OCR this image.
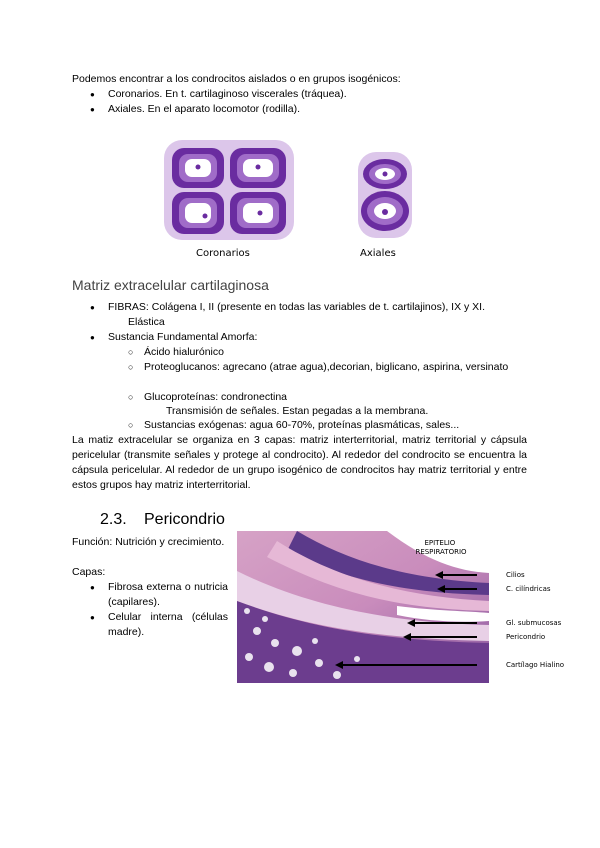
Podemos encontrar a los condrocitos aislados o en grupos isogénicos:
● Coronarios. En t. cartilaginoso viscerales (tráquea).
● Axiales. En el aparato locomotor (rodilla).
Coronarios	Axiales
Matriz extracelular cartilaginosa
● FIBRAS: Colágena I, II (presente en todas las variables de t. cartilajinos), IX y XI.
Elástica
● Sustancia Fundamental Amorfa:
○ Ácido hialurónico
○ Proteoglucanos: agrecano (atrae agua),decorian, biglicano, aspirina, versinato
○ Glucoproteínas: condronectina
Transmisión de señales. Estan pegadas a la membrana.
○ Sustancias exógenas: agua 60-70%, proteínas plasmáticas, sales...
La matiz extracelular se organiza en 3 capas: matriz interterritorial, matriz territorial y cápsula pericelular (transmite señales y protege al condrocito). Al rededor del condrocito se encuentra la cápsula pericelular. Al rededor de un grupo isogénico de condrocitos hay matriz territorial y entre estos grupos hay matriz interterritorial.
2.3. Pericondrio
Función: Nutrición y crecimiento.
Capas:
● Fibrosa externa o nutricia (capilares).
● Celular interna (células madre).
EPITELIO RESPIRATORIO
Cilios
C. cilíndricas
Gl. submucosas
Pericondrio
Cartílago Hialino
